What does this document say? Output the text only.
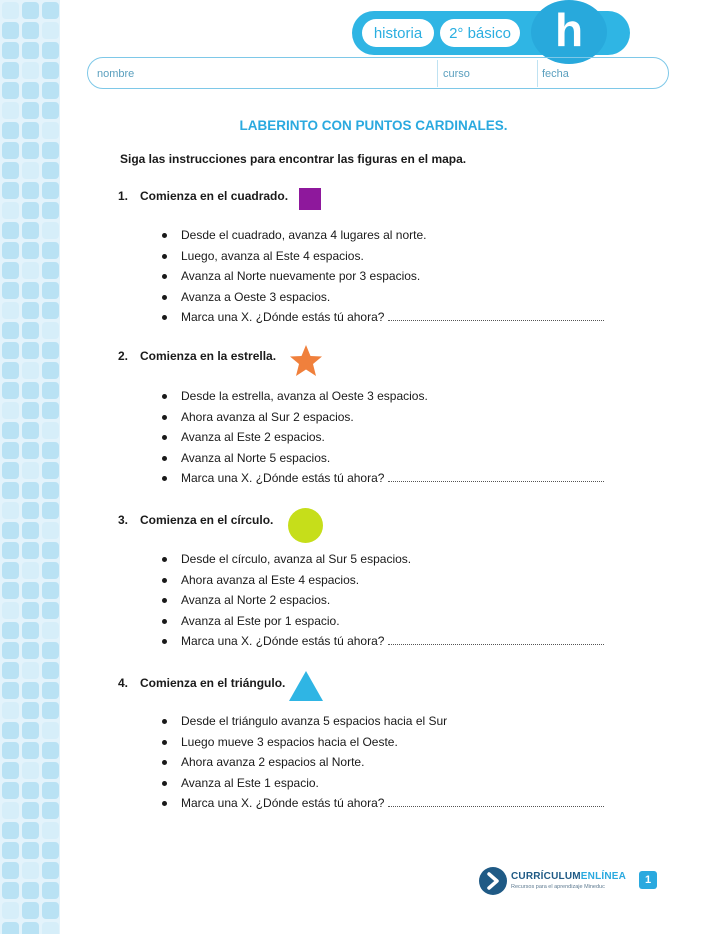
historia	2° básico h
nombre	curso	fecha
LABERINTO CON PUNTOS CARDINALES.
Siga las instrucciones para encontrar las figuras en el mapa.
1. Comienza en el cuadrado.
Desde el cuadrado, avanza 4 lugares al norte.
Luego, avanza al Este 4 espacios.
Avanza al Norte nuevamente por 3 espacios.
Avanza a Oeste 3 espacios.
Marca una X. ¿Dónde estás tú ahora?
2. Comienza en la estrella.
Desde la estrella, avanza al Oeste 3 espacios.
Ahora avanza al Sur 2 espacios.
Avanza al Este 2 espacios.
Avanza al Norte 5 espacios.
Marca una X. ¿Dónde estás tú ahora?
3. Comienza en el círculo.
Desde el círculo, avanza al Sur 5 espacios.
Ahora avanza al Este 4 espacios.
Avanza al Norte 2 espacios.
Avanza al Este por 1 espacio.
Marca una X. ¿Dónde estás tú ahora?
4. Comienza en el triángulo.
Desde el triángulo avanza 5 espacios hacia el Sur
Luego mueve 3 espacios hacia el Oeste.
Ahora avanza 2 espacios al Norte.
Avanza al Este 1 espacio.
Marca una X. ¿Dónde estás tú ahora?
CURRÍCULUMENLÍNEA
Recursos para el aprendizaje Mineduc
1
